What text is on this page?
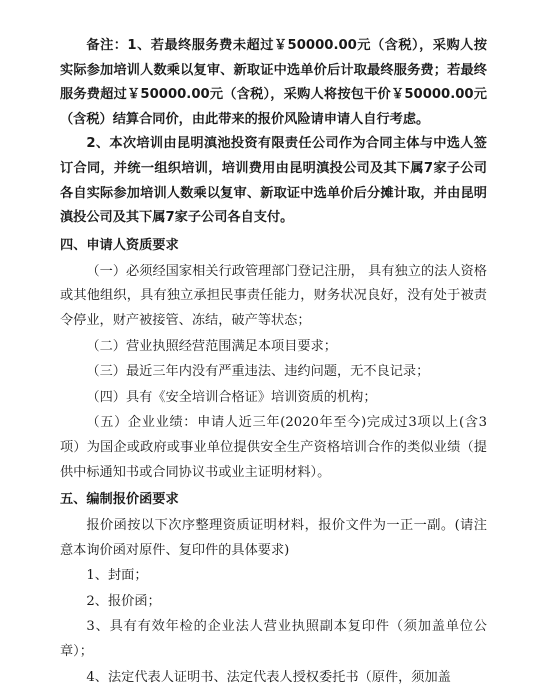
备注：1、若最终服务费未超过￥50000.00元（含税），采购人按实际参加培训人数乘以复审、新取证中选单价后计取最终服务费；若最终服务费超过￥50000.00元（含税），采购人将按包干价￥50000.00元（含税）结算合同价，由此带来的报价风险请申请人自行考虑。

2、本次培训由昆明滇池投资有限责任公司作为合同主体与中选人签订合同，并统一组织培训，培训费用由昆明滇投公司及其下属7家子公司各自实际参加培训人数乘以复审、新取证中选单价后分摊计取，并由昆明滇投公司及其下属7家子公司各自支付。

四、申请人资质要求

（一）必须经国家相关行政管理部门登记注册， 具有独立的法人资格或其他组织，具有独立承担民事责任能力，财务状况良好，没有处于被责令停业，财产被接管、冻结，破产等状态；

（二）营业执照经营范围满足本项目要求；

（三）最近三年内没有严重违法、违约问题，无不良记录；

（四）具有《安全培训合格证》培训资质的机构；

（五）企业业绩：申请人近三年(2020年至今)完成过3项以上(含3项）为国企或政府或事业单位提供安全生产资格培训合作的类似业绩（提供中标通知书或合同协议书或业主证明材料）。

五、编制报价函要求

报价函按以下次序整理资质证明材料，报价文件为一正一副。(请注意本询价函对原件、复印件的具体要求)

1、封面；

2、报价函；

3、具有有效年检的企业法人营业执照副本复印件（须加盖单位公章）；

4、法定代表人证明书、法定代表人授权委托书（原件，须加盖
